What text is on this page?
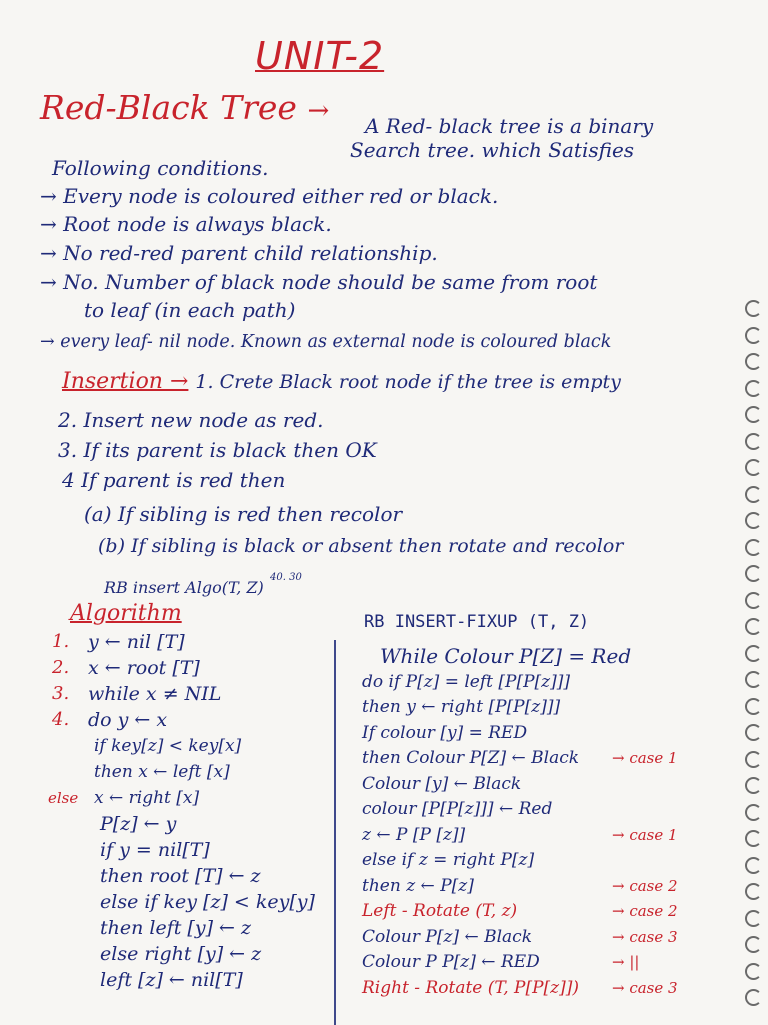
UNIT-2
Red-Black Tree → A Red- black tree is a binary
Search tree. which Satisfies
Following conditions.
→ Every node is coloured either red or black.
→ Root node is always black.
→ No red-red parent child relationship.
→ No. Number of black node should be same from root
to leaf (in each path)
→ every leaf- nil node. Known as external node is coloured black
Insertion → 1. Crete Black root node if the tree is empty
2. Insert new node as red.
3. If its parent is black then OK
4 If parent is red then
(a) If sibling is red then recolor
(b) If sibling is black or absent then rotate and recolor
40. 30
RB insert Algo(T, Z)
Algorithm
1. y ← nil [T]
2. x ← root [T]
3. while x ≠ NIL
4. do y ← x
if key[z] < key[x]
then x ← left [x]
else x ← right [x]
P[z] ← y
if y = nil[T]
then root [T] ← z
else if key [z] < key[y]
then left [y] ← z
else right [y] ← z
left [z] ← nil[T]
RB INSERT-FIXUP (T, Z)
While Colour P[Z] = Red
do if P[z] = left [P[P[z]]]
then y ← right [P[P[z]]]
If colour [y] = RED
then Colour P[Z] ← Black → case 1
Colour [y] ← Black
colour [P[P[z]]] ← Red
z ← P [P [z]]	→ case 1
else if z = right P[z]
then z ← P[z]	→ case 2
Left - Rotate (T, z)	→ case 2
Colour P[z] ← Black	→ case 3
Colour P P[z] ← RED	→ ||
Right - Rotate (T, P[P[z]]) → case 3
